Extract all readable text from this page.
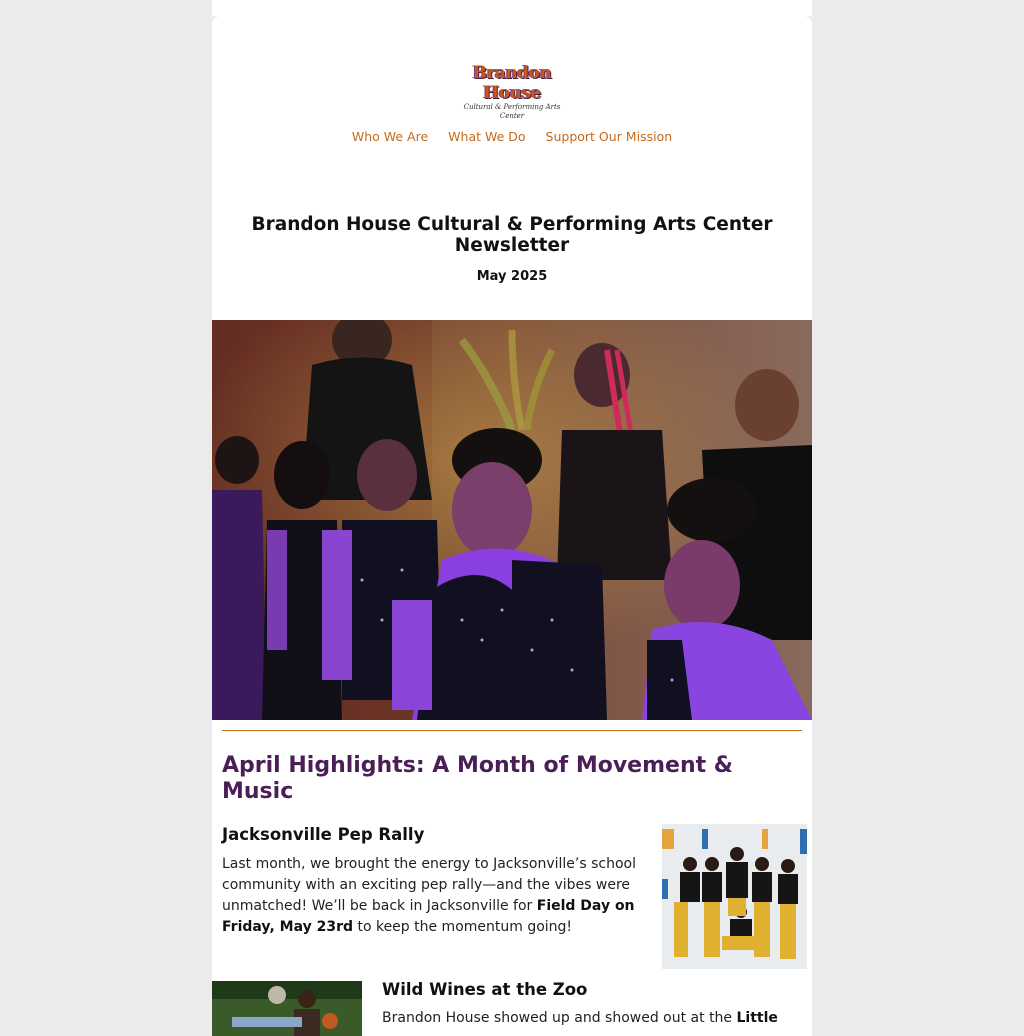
Brandon House
Cultural & Performing Arts Center
Who We Are What We Do Support Our Mission
Brandon House Cultural & Performing Arts Center Newsletter
May 2025
April Highlights: A Month of Movement & Music
Jacksonville Pep Rally
Last month, we brought the energy to Jacksonville’s school community with an exciting pep rally—and the vibes were unmatched! We’ll be back in Jacksonville for Field Day on Friday, May 23rd to keep the momentum going!
Wild Wines at the Zoo
Brandon House showed up and showed out at the Little
